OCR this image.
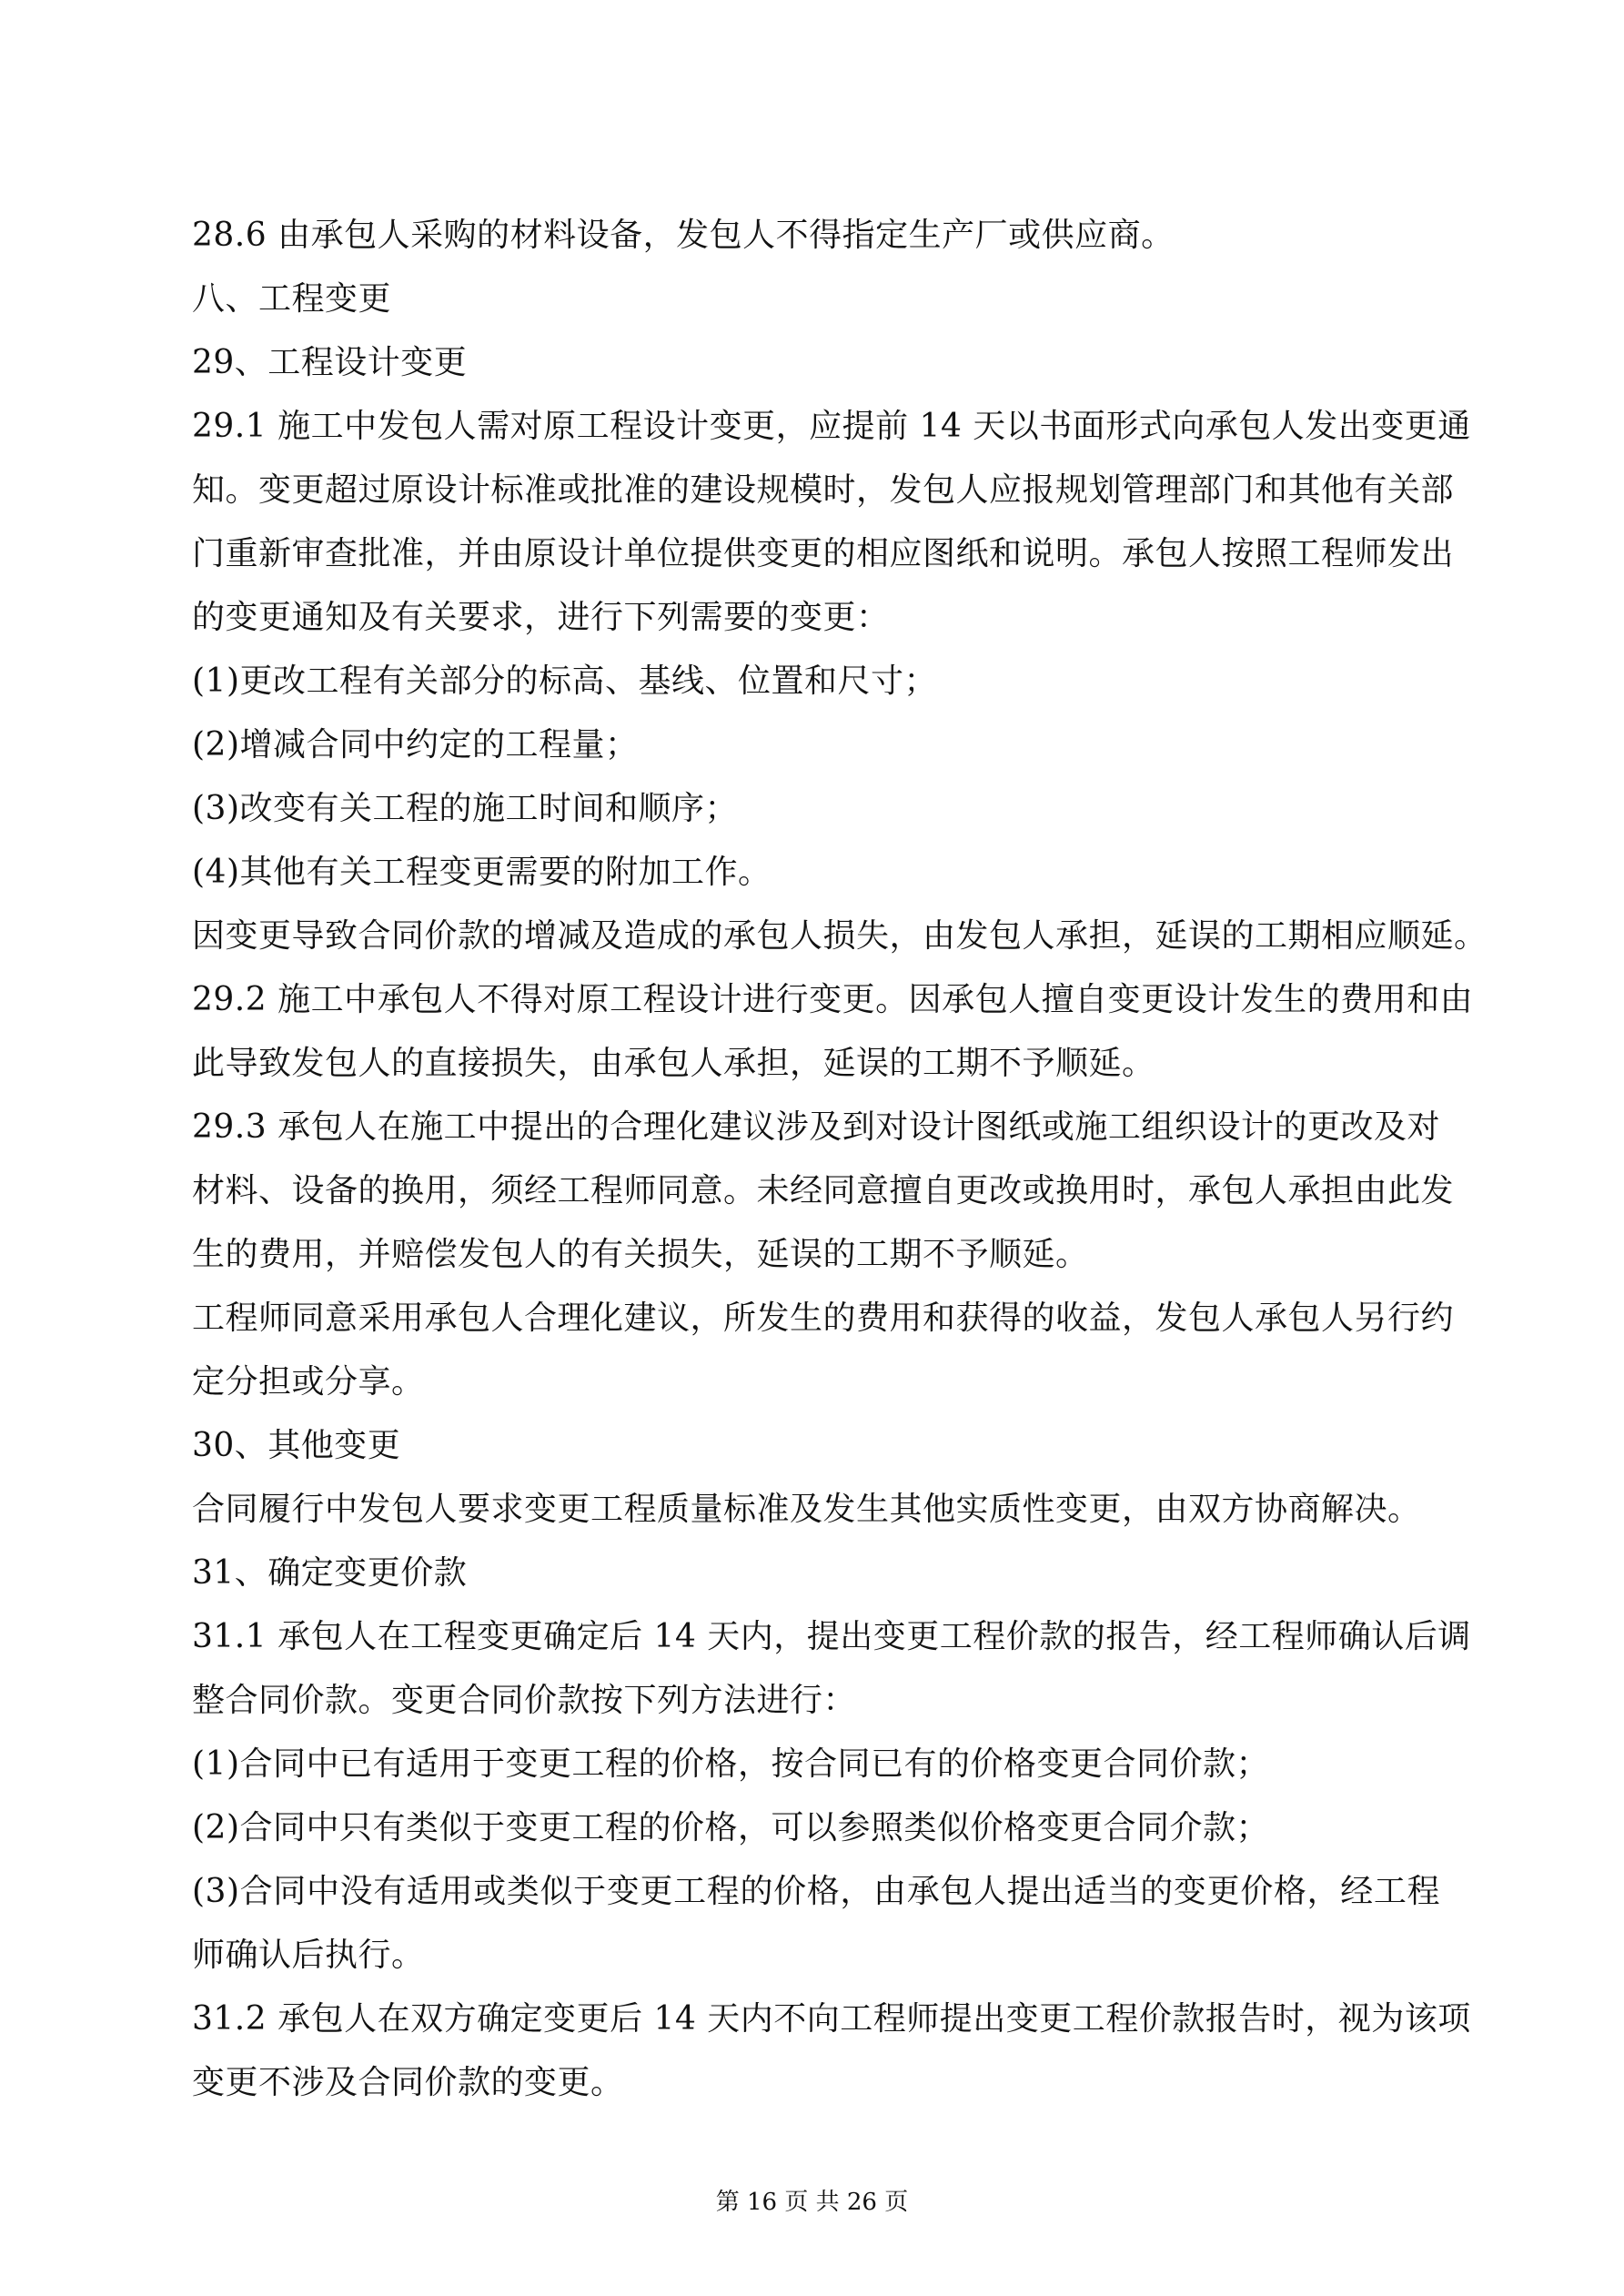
28.6 由承包人采购的材料设备，发包人不得指定生产厂或供应商。
八、工程变更
29、工程设计变更
29.1 施工中发包人需对原工程设计变更，应提前 14 天以书面形式向承包人发出变更通
知。变更超过原设计标准或批准的建设规模时，发包人应报规划管理部门和其他有关部
门重新审查批准，并由原设计单位提供变更的相应图纸和说明。承包人按照工程师发出
的变更通知及有关要求，进行下列需要的变更：
(1)更改工程有关部分的标高、基线、位置和尺寸；
(2)增减合同中约定的工程量；
(3)改变有关工程的施工时间和顺序；
(4)其他有关工程变更需要的附加工作。
因变更导致合同价款的增减及造成的承包人损失，由发包人承担，延误的工期相应顺延。
29.2 施工中承包人不得对原工程设计进行变更。因承包人擅自变更设计发生的费用和由
此导致发包人的直接损失，由承包人承担，延误的工期不予顺延。
29.3 承包人在施工中提出的合理化建议涉及到对设计图纸或施工组织设计的更改及对
材料、设备的换用，须经工程师同意。未经同意擅自更改或换用时，承包人承担由此发
生的费用，并赔偿发包人的有关损失，延误的工期不予顺延。
工程师同意采用承包人合理化建议，所发生的费用和获得的收益，发包人承包人另行约
定分担或分享。
30、其他变更
合同履行中发包人要求变更工程质量标准及发生其他实质性变更，由双方协商解决。
31、确定变更价款
31.1 承包人在工程变更确定后 14 天内，提出变更工程价款的报告，经工程师确认后调
整合同价款。变更合同价款按下列方法进行：
(1)合同中已有适用于变更工程的价格，按合同已有的价格变更合同价款；
(2)合同中只有类似于变更工程的价格，可以参照类似价格变更合同介款；
(3)合同中没有适用或类似于变更工程的价格，由承包人提出适当的变更价格，经工程
师确认后执行。
31.2 承包人在双方确定变更后 14 天内不向工程师提出变更工程价款报告时，视为该项
变更不涉及合同价款的变更。
第 16 页 共 26 页
